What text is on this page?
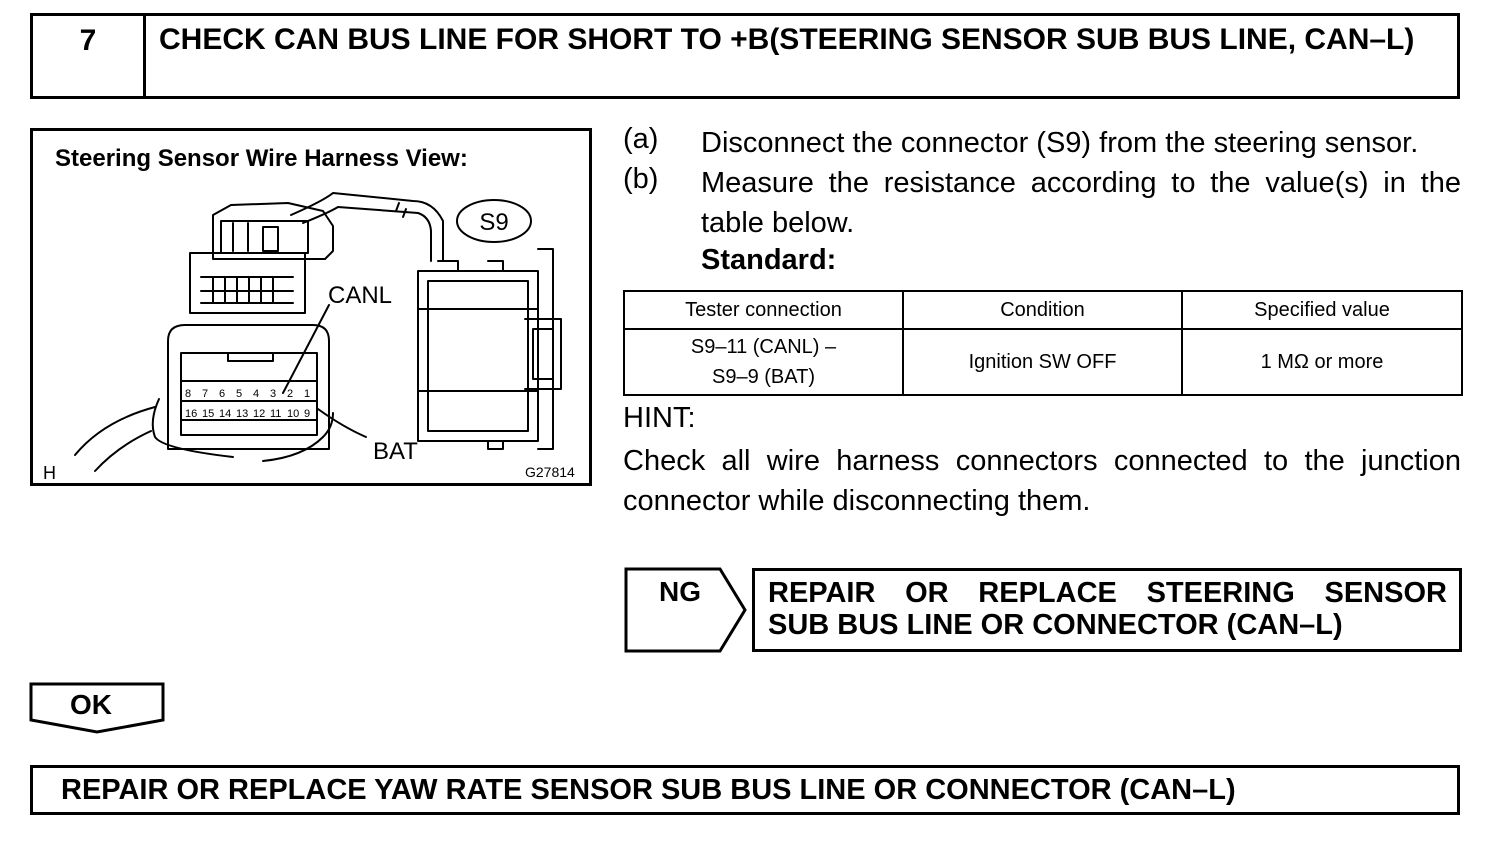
7	CHECK CAN BUS LINE FOR SHORT TO +B(STEERING SENSOR SUB BUS LINE, CAN–L)
8 7 6 5 4 3 2 1
16 15 14 13 12 11 10 9
S9
CANL
BAT
H	G27814
Steering Sensor Wire Harness View:
(a) Disconnect the connector (S9) from the steering sensor.
(b) Measure the resistance according to the value(s) in the table below.
Standard:
Tester connection	Condition	Specified value

S9–11 (CANL) –
S9–9 (BAT)	Ignition SW OFF	1 MΩ or more
HINT:
Check all wire harness connectors connected to the junction connector while disconnecting them.
NG REPAIR OR REPLACE STEERING SENSOR
SUB BUS LINE OR CONNECTOR (CAN–L)
OK
REPAIR OR REPLACE YAW RATE SENSOR SUB BUS LINE OR CONNECTOR (CAN–L)
